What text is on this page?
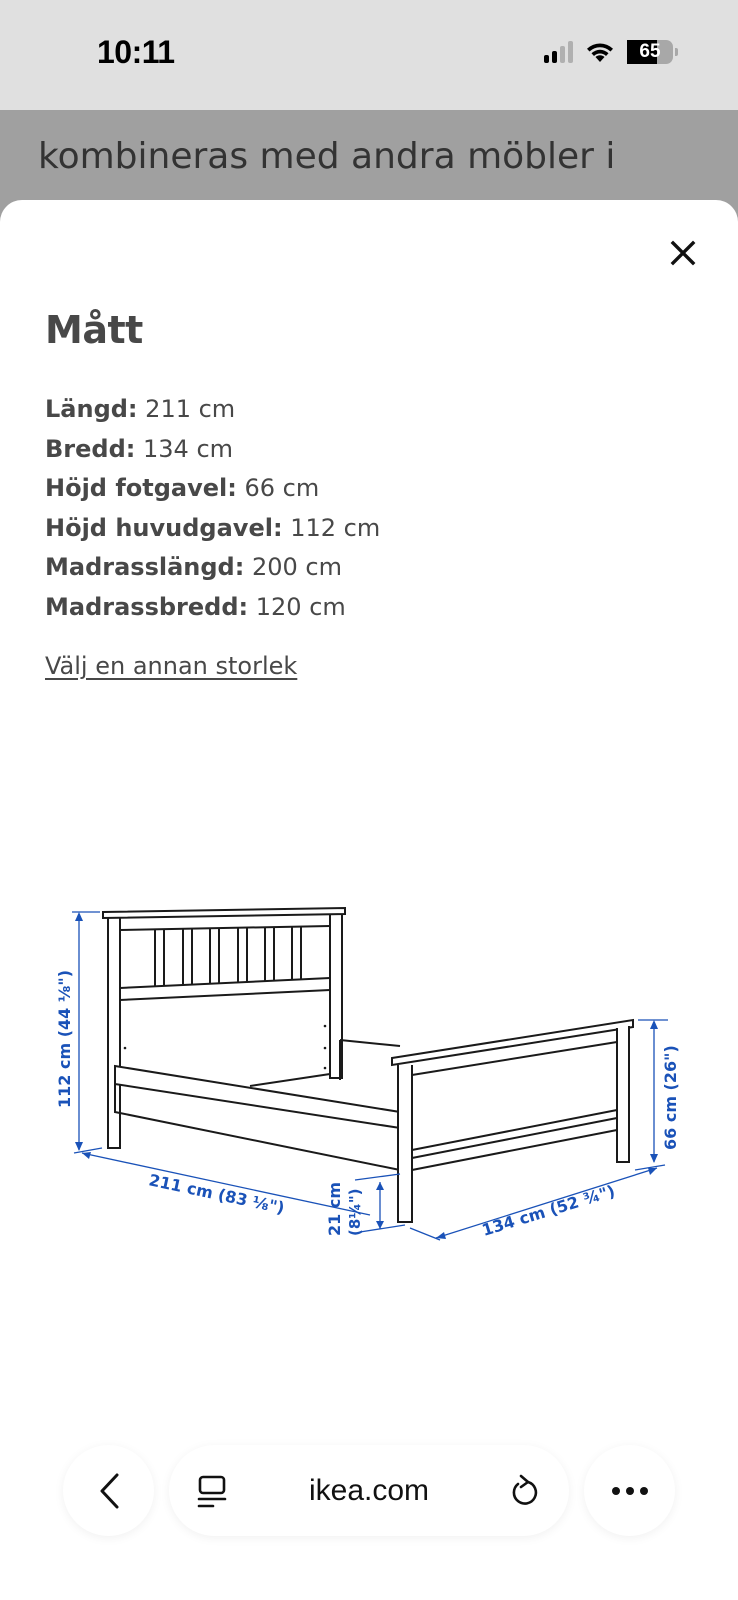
10:11	65
kombineras med andra möbler i
Mått
Längd: 211 cm
Bredd: 134 cm
Höjd fotgavel: 66 cm
Höjd huvudgavel: 112 cm
Madrasslängd: 200 cm
Madrassbredd: 120 cm
Välj en annan storlek
112 cm (44 ⅛")
211 cm (83 ⅛") 21 cm (8¼")	134 cm (52 ¾")
66 cm (26")
ikea.com
